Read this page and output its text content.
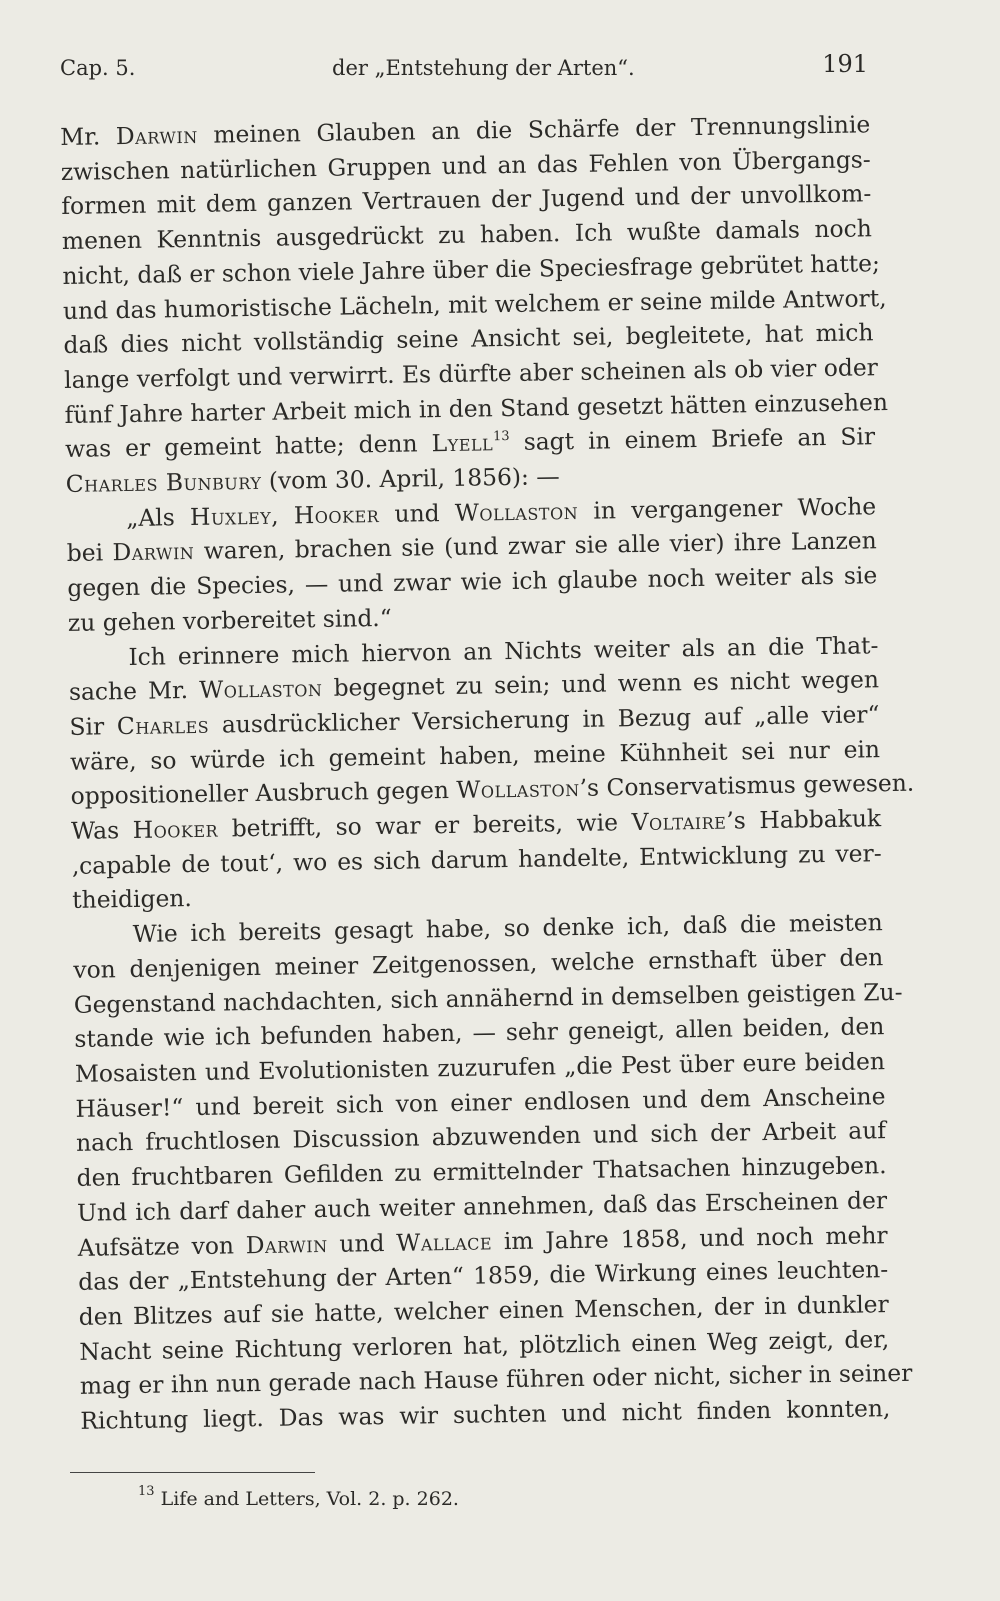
Cap. 5.	der „Entstehung der Arten“.	191
Mr. Darwin meinen Glauben an die Schärfe der Trennungslinie
zwischen natürlichen Gruppen und an das Fehlen von Übergangs-
formen mit dem ganzen Vertrauen der Jugend und der unvollkom-
menen Kenntnis ausgedrückt zu haben. Ich wußte damals noch
nicht, daß er schon viele Jahre über die Speciesfrage gebrütet hatte;
und das humoristische Lächeln, mit welchem er seine milde Antwort,
daß dies nicht vollständig seine Ansicht sei, begleitete, hat mich
lange verfolgt und verwirrt. Es dürfte aber scheinen als ob vier oder
fünf Jahre harter Arbeit mich in den Stand gesetzt hätten einzusehen
was er gemeint hatte; denn Lyell$^{13}$ sagt in einem Briefe an Sir
Charles Bunbury (vom 30. April, 1856): —
„Als Huxley, Hooker und Wollaston in vergangener Woche
bei Darwin waren, brachen sie (und zwar sie alle vier) ihre Lanzen
gegen die Species, — und zwar wie ich glaube noch weiter als sie
zu gehen vorbereitet sind.“
Ich erinnere mich hiervon an Nichts weiter als an die That-
sache Mr. Wollaston begegnet zu sein; und wenn es nicht wegen
Sir Charles ausdrücklicher Versicherung in Bezug auf „alle vier“
wäre, so würde ich gemeint haben, meine Kühnheit sei nur ein
oppositioneller Ausbruch gegen Wollaston’s Conservatismus gewesen.
Was Hooker betrifft, so war er bereits, wie Voltaire’s Habbakuk
‚capable de tout‘, wo es sich darum handelte, Entwicklung zu ver-
theidigen.
Wie ich bereits gesagt habe, so denke ich, daß die meisten
von denjenigen meiner Zeitgenossen, welche ernsthaft über den
Gegenstand nachdachten, sich annähernd in demselben geistigen Zu-
stande wie ich befunden haben, — sehr geneigt, allen beiden, den
Mosaisten und Evolutionisten zuzurufen „die Pest über eure beiden
Häuser!“ und bereit sich von einer endlosen und dem Anscheine
nach fruchtlosen Discussion abzuwenden und sich der Arbeit auf
den fruchtbaren Gefilden zu ermittelnder Thatsachen hinzugeben.
Und ich darf daher auch weiter annehmen, daß das Erscheinen der
Aufsätze von Darwin und Wallace im Jahre 1858, und noch mehr
das der „Entstehung der Arten“ 1859, die Wirkung eines leuchten-
den Blitzes auf sie hatte, welcher einen Menschen, der in dunkler
Nacht seine Richtung verloren hat, plötzlich einen Weg zeigt, der,
mag er ihn nun gerade nach Hause führen oder nicht, sicher in seiner
Richtung liegt. Das was wir suchten und nicht finden konnten,
$^{13}$ Life and Letters, Vol. 2. p. 262.
